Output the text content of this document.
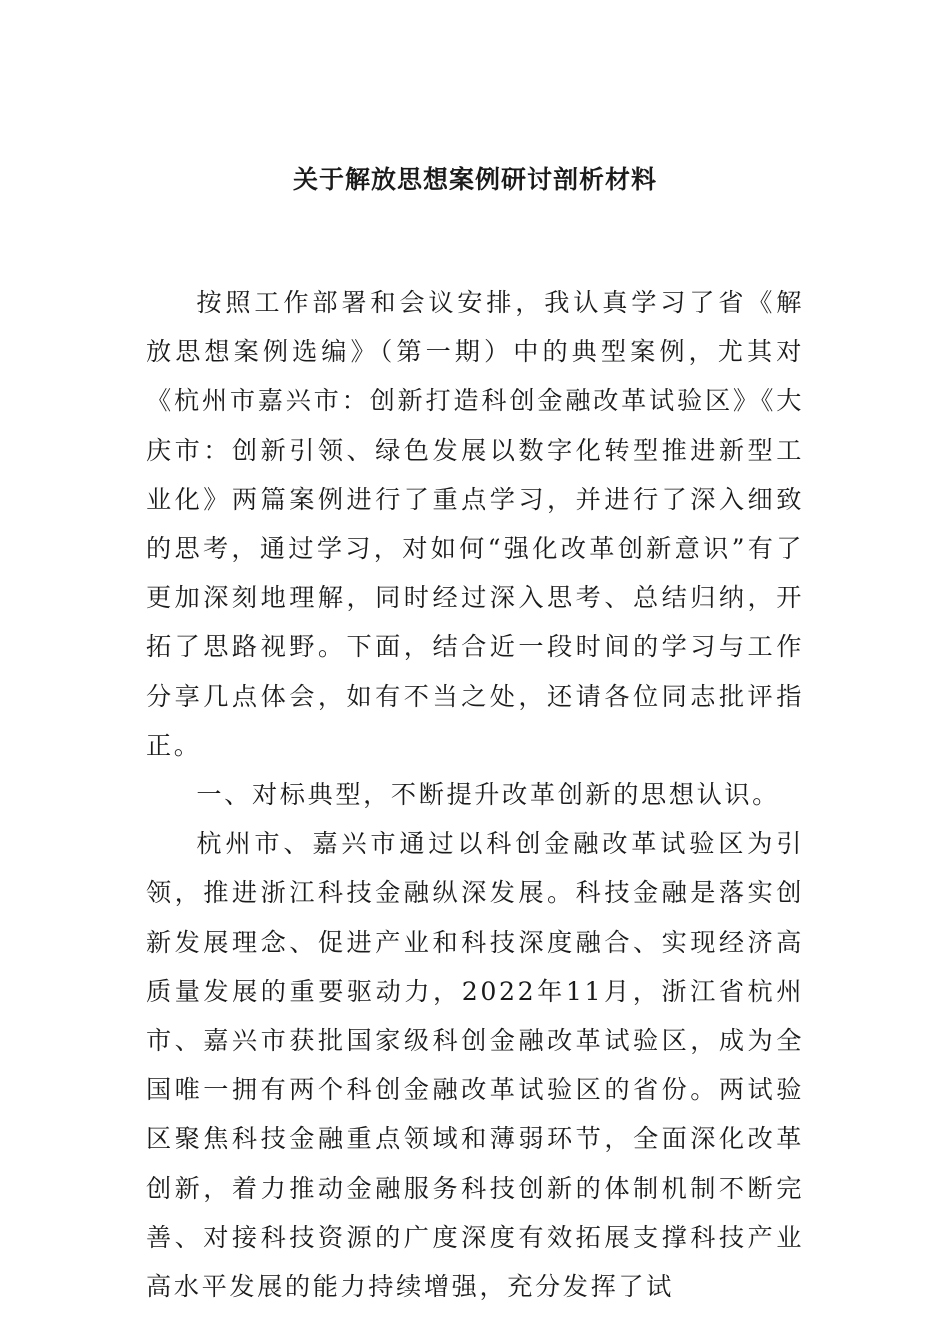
关于解放思想案例研讨剖析材料

按照工作部署和会议安排，我认真学习了省《解放思想案例选编》（第一期）中的典型案例，尤其对《杭州市嘉兴市：创新打造科创金融改革试验区》《大庆市：创新引领、绿色发展以数字化转型推进新型工业化》两篇案例进行了重点学习，并进行了深入细致的思考，通过学习，对如何“强化改革创新意识”有了更加深刻地理解，同时经过深入思考、总结归纳，开拓了思路视野。下面，结合近一段时间的学习与工作分享几点体会，如有不当之处，还请各位同志批评指正。

一、对标典型，不断提升改革创新的思想认识。

杭州市、嘉兴市通过以科创金融改革试验区为引领，推进浙江科技金融纵深发展。科技金融是落实创新发展理念、促进产业和科技深度融合、实现经济高质量发展的重要驱动力，2022年11月，浙江省杭州市、嘉兴市获批国家级科创金融改革试验区，成为全国唯一拥有两个科创金融改革试验区的省份。两试验区聚焦科技金融重点领域和薄弱环节，全面深化改革创新，着力推动金融服务科技创新的体制机制不断完善、对接科技资源的广度深度有效拓展支撑科技产业高水平发展的能力持续增强，充分发挥了试
